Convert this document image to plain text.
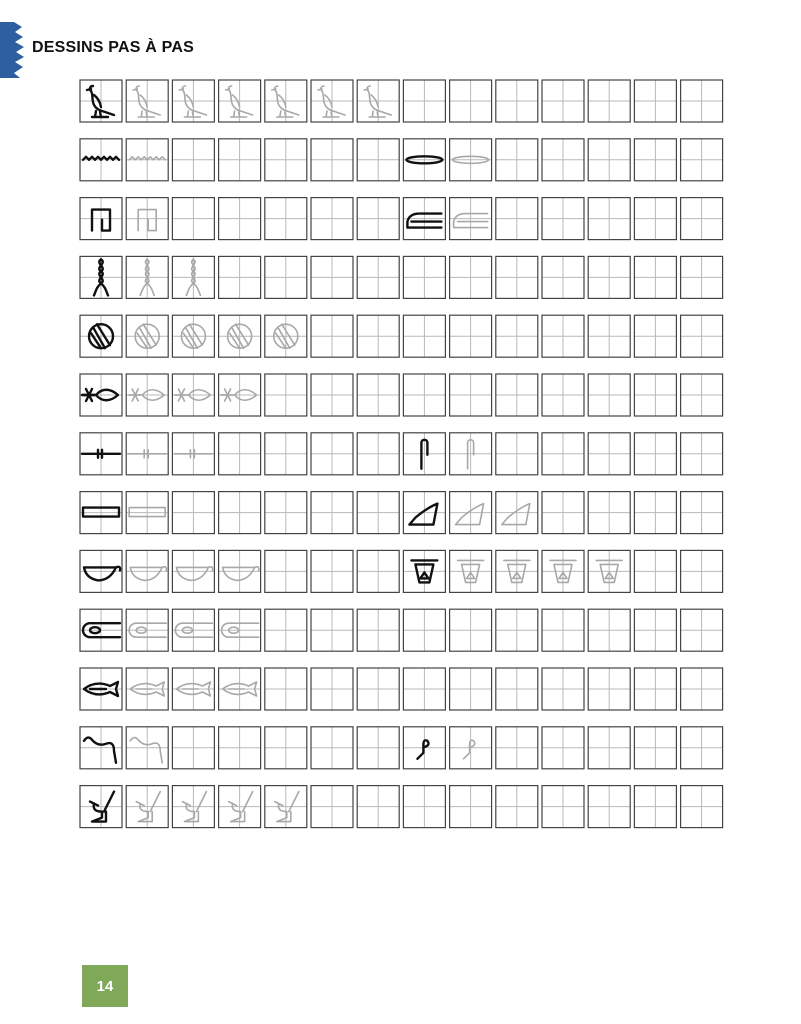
DESSINS PAS À PAS
14
